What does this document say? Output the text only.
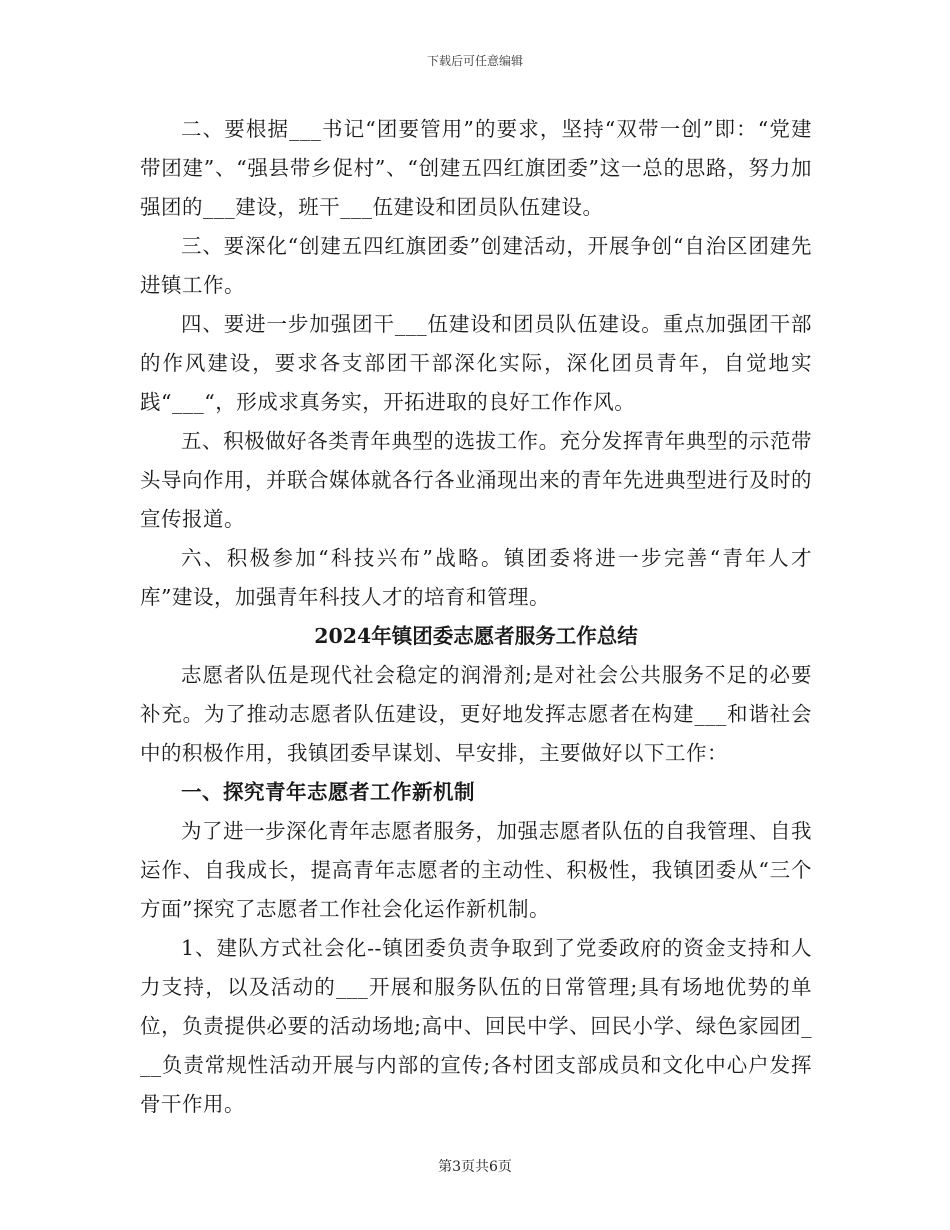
下载后可任意编辑

二、要根据___书记“团要管用”的要求，坚持“双带一创”即：“党建带团建”、“强县带乡促村”、“创建五四红旗团委”这一总的思路，努力加强团的___建设，班干___伍建设和团员队伍建设。

三、要深化“创建五四红旗团委”创建活动，开展争创“自治区团建先进镇工作。

四、要进一步加强团干___伍建设和团员队伍建设。重点加强团干部的作风建设，要求各支部团干部深化实际，深化团员青年，自觉地实践“___“，形成求真务实，开拓进取的良好工作作风。

五、积极做好各类青年典型的选拔工作。充分发挥青年典型的示范带头导向作用，并联合媒体就各行各业涌现出来的青年先进典型进行及时的宣传报道。

六、积极参加“科技兴布”战略。镇团委将进一步完善“青年人才库”建设，加强青年科技人才的培育和管理。

2024年镇团委志愿者服务工作总结

志愿者队伍是现代社会稳定的润滑剂;是对社会公共服务不足的必要补充。为了推动志愿者队伍建设，更好地发挥志愿者在构建___和谐社会中的积极作用，我镇团委早谋划、早安排，主要做好以下工作：

一、探究青年志愿者工作新机制

为了进一步深化青年志愿者服务，加强志愿者队伍的自我管理、自我运作、自我成长，提高青年志愿者的主动性、积极性，我镇团委从“三个方面”探究了志愿者工作社会化运作新机制。

1、建队方式社会化--镇团委负责争取到了党委政府的资金支持和人力支持，以及活动的___开展和服务队伍的日常管理;具有场地优势的单位，负责提供必要的活动场地;高中、回民中学、回民小学、绿色家园团___负责常规性活动开展与内部的宣传;各村团支部成员和文化中心户发挥骨干作用。

第3页共6页
